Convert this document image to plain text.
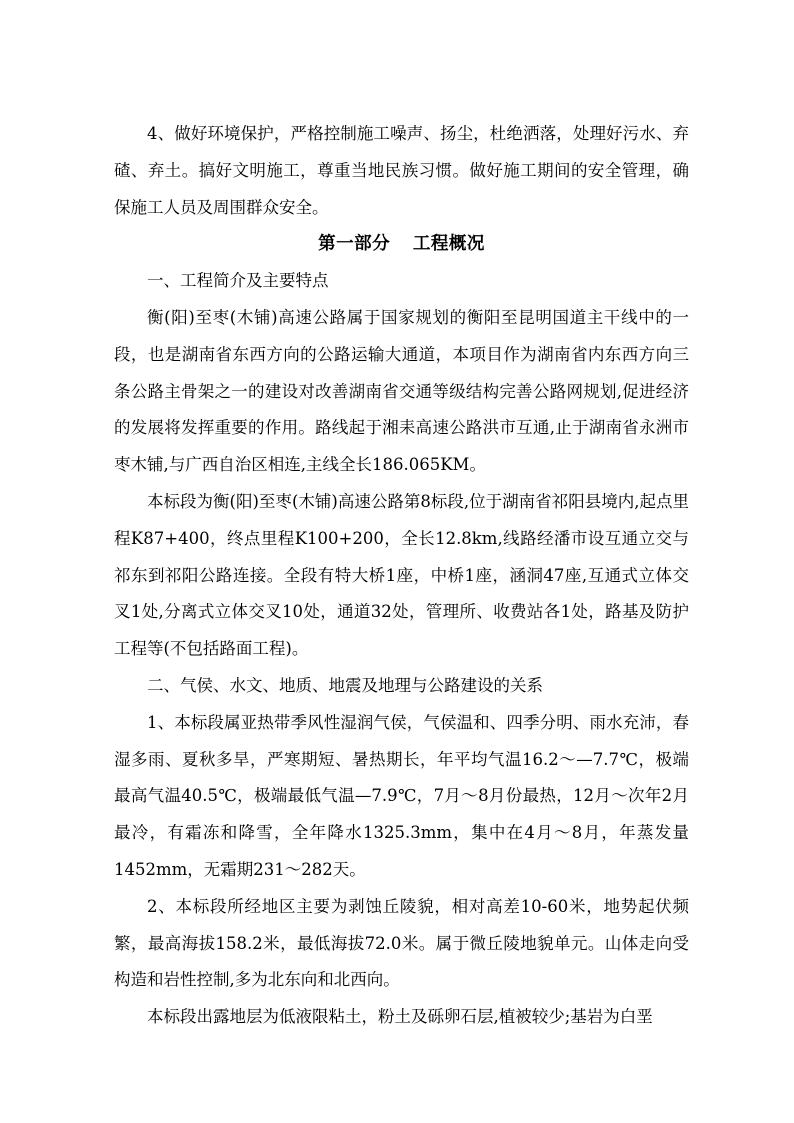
4、做好环境保护，严格控制施工噪声、扬尘，杜绝洒落，处理好污水、弃碴、弃土。搞好文明施工，尊重当地民族习惯。做好施工期间的安全管理，确保施工人员及周围群众安全。

第一部分 工程概况

一、工程简介及主要特点

衡(阳)至枣(木铺)高速公路属于国家规划的衡阳至昆明国道主干线中的一段，也是湖南省东西方向的公路运输大通道，本项目作为湖南省内东西方向三条公路主骨架之一的建设对改善湖南省交通等级结构完善公路网规划,促进经济的发展将发挥重要的作用。路线起于湘耒高速公路洪市互通,止于湖南省永洲市枣木铺,与广西自治区相连,主线全长186.065KM。

本标段为衡(阳)至枣(木铺)高速公路第8标段,位于湖南省祁阳县境内,起点里程K87+400，终点里程K100+200，全长12.8km,线路经潘市设互通立交与祁东到祁阳公路连接。全段有特大桥1座，中桥1座，涵洞47座,互通式立体交叉1处,分离式立体交叉10处，通道32处，管理所、收费站各1处，路基及防护工程等(不包括路面工程)。

二、气侯、水文、地质、地震及地理与公路建设的关系

1、本标段属亚热带季风性湿润气侯，气侯温和、四季分明、雨水充沛，春湿多雨、夏秋多旱，严寒期短、暑热期长，年平均气温16.2～—7.7℃，极端最高气温40.5℃，极端最低气温—7.9℃，7月～8月份最热，12月～次年2月最冷，有霜冻和降雪，全年降水1325.3mm，集中在4月～8月，年蒸发量1452mm，无霜期231～282天。

2、本标段所经地区主要为剥蚀丘陵貌，相对高差10-60米，地势起伏频繁，最高海拔158.2米，最低海拔72.0米。属于微丘陵地貌单元。山体走向受构造和岩性控制,多为北东向和北西向。

本标段出露地层为低液限粘土，粉土及砾卵石层,植被较少;基岩为白垩
